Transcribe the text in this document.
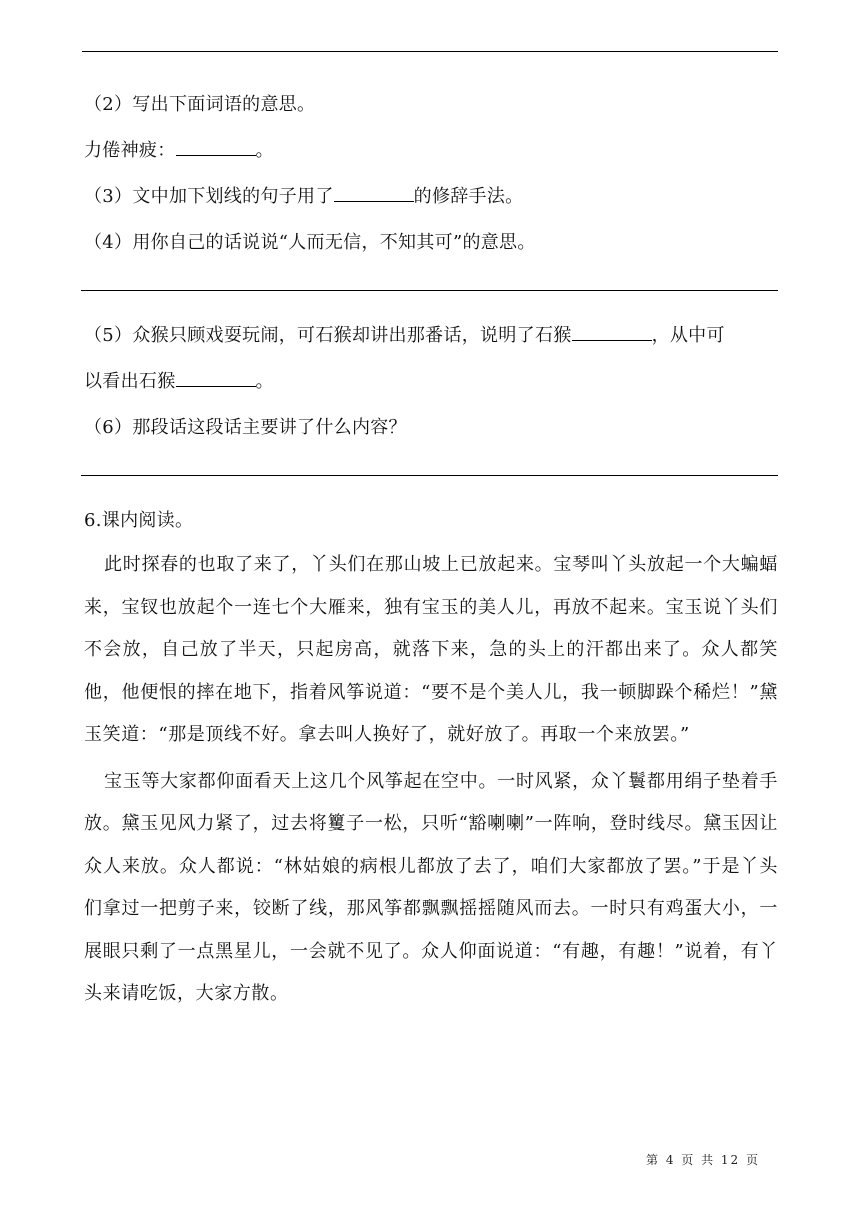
（2）写出下面词语的意思。
力倦神疲：	。
（3）文中加下划线的句子用了	的修辞手法。
（4）用你自己的话说说“人而无信，不知其可”的意思。
（5）众猴只顾戏耍玩闹，可石猴却讲出那番话，说明了石猴	，从中可
以看出石猴	。
（6）那段话这段话主要讲了什么内容？
6.课内阅读。
此时探春的也取了来了，丫头们在那山坡上已放起来。宝琴叫丫头放起一个大蝙蝠来，宝钗也放起个一连七个大雁来，独有宝玉的美人儿，再放不起来。宝玉说丫头们不会放，自己放了半天，只起房高，就落下来，急的头上的汗都出来了。众人都笑他，他便恨的摔在地下，指着风筝说道：“要不是个美人儿，我一顿脚跺个稀烂！”黛玉笑道：“那是顶线不好。拿去叫人换好了，就好放了。再取一个来放罢。”
宝玉等大家都仰面看天上这几个风筝起在空中。一时风紧，众丫鬟都用绢子垫着手放。黛玉见风力紧了，过去将籰子一松，只听“豁喇喇”一阵响，登时线尽。黛玉因让众人来放。众人都说：“林姑娘的病根儿都放了去了，咱们大家都放了罢。”于是丫头们拿过一把剪子来，铰断了线，那风筝都飘飘摇摇随风而去。一时只有鸡蛋大小，一展眼只剩了一点黑星儿，一会就不见了。众人仰面说道：“有趣，有趣！”说着，有丫头来请吃饭，大家方散。
第 4 页 共 12 页
